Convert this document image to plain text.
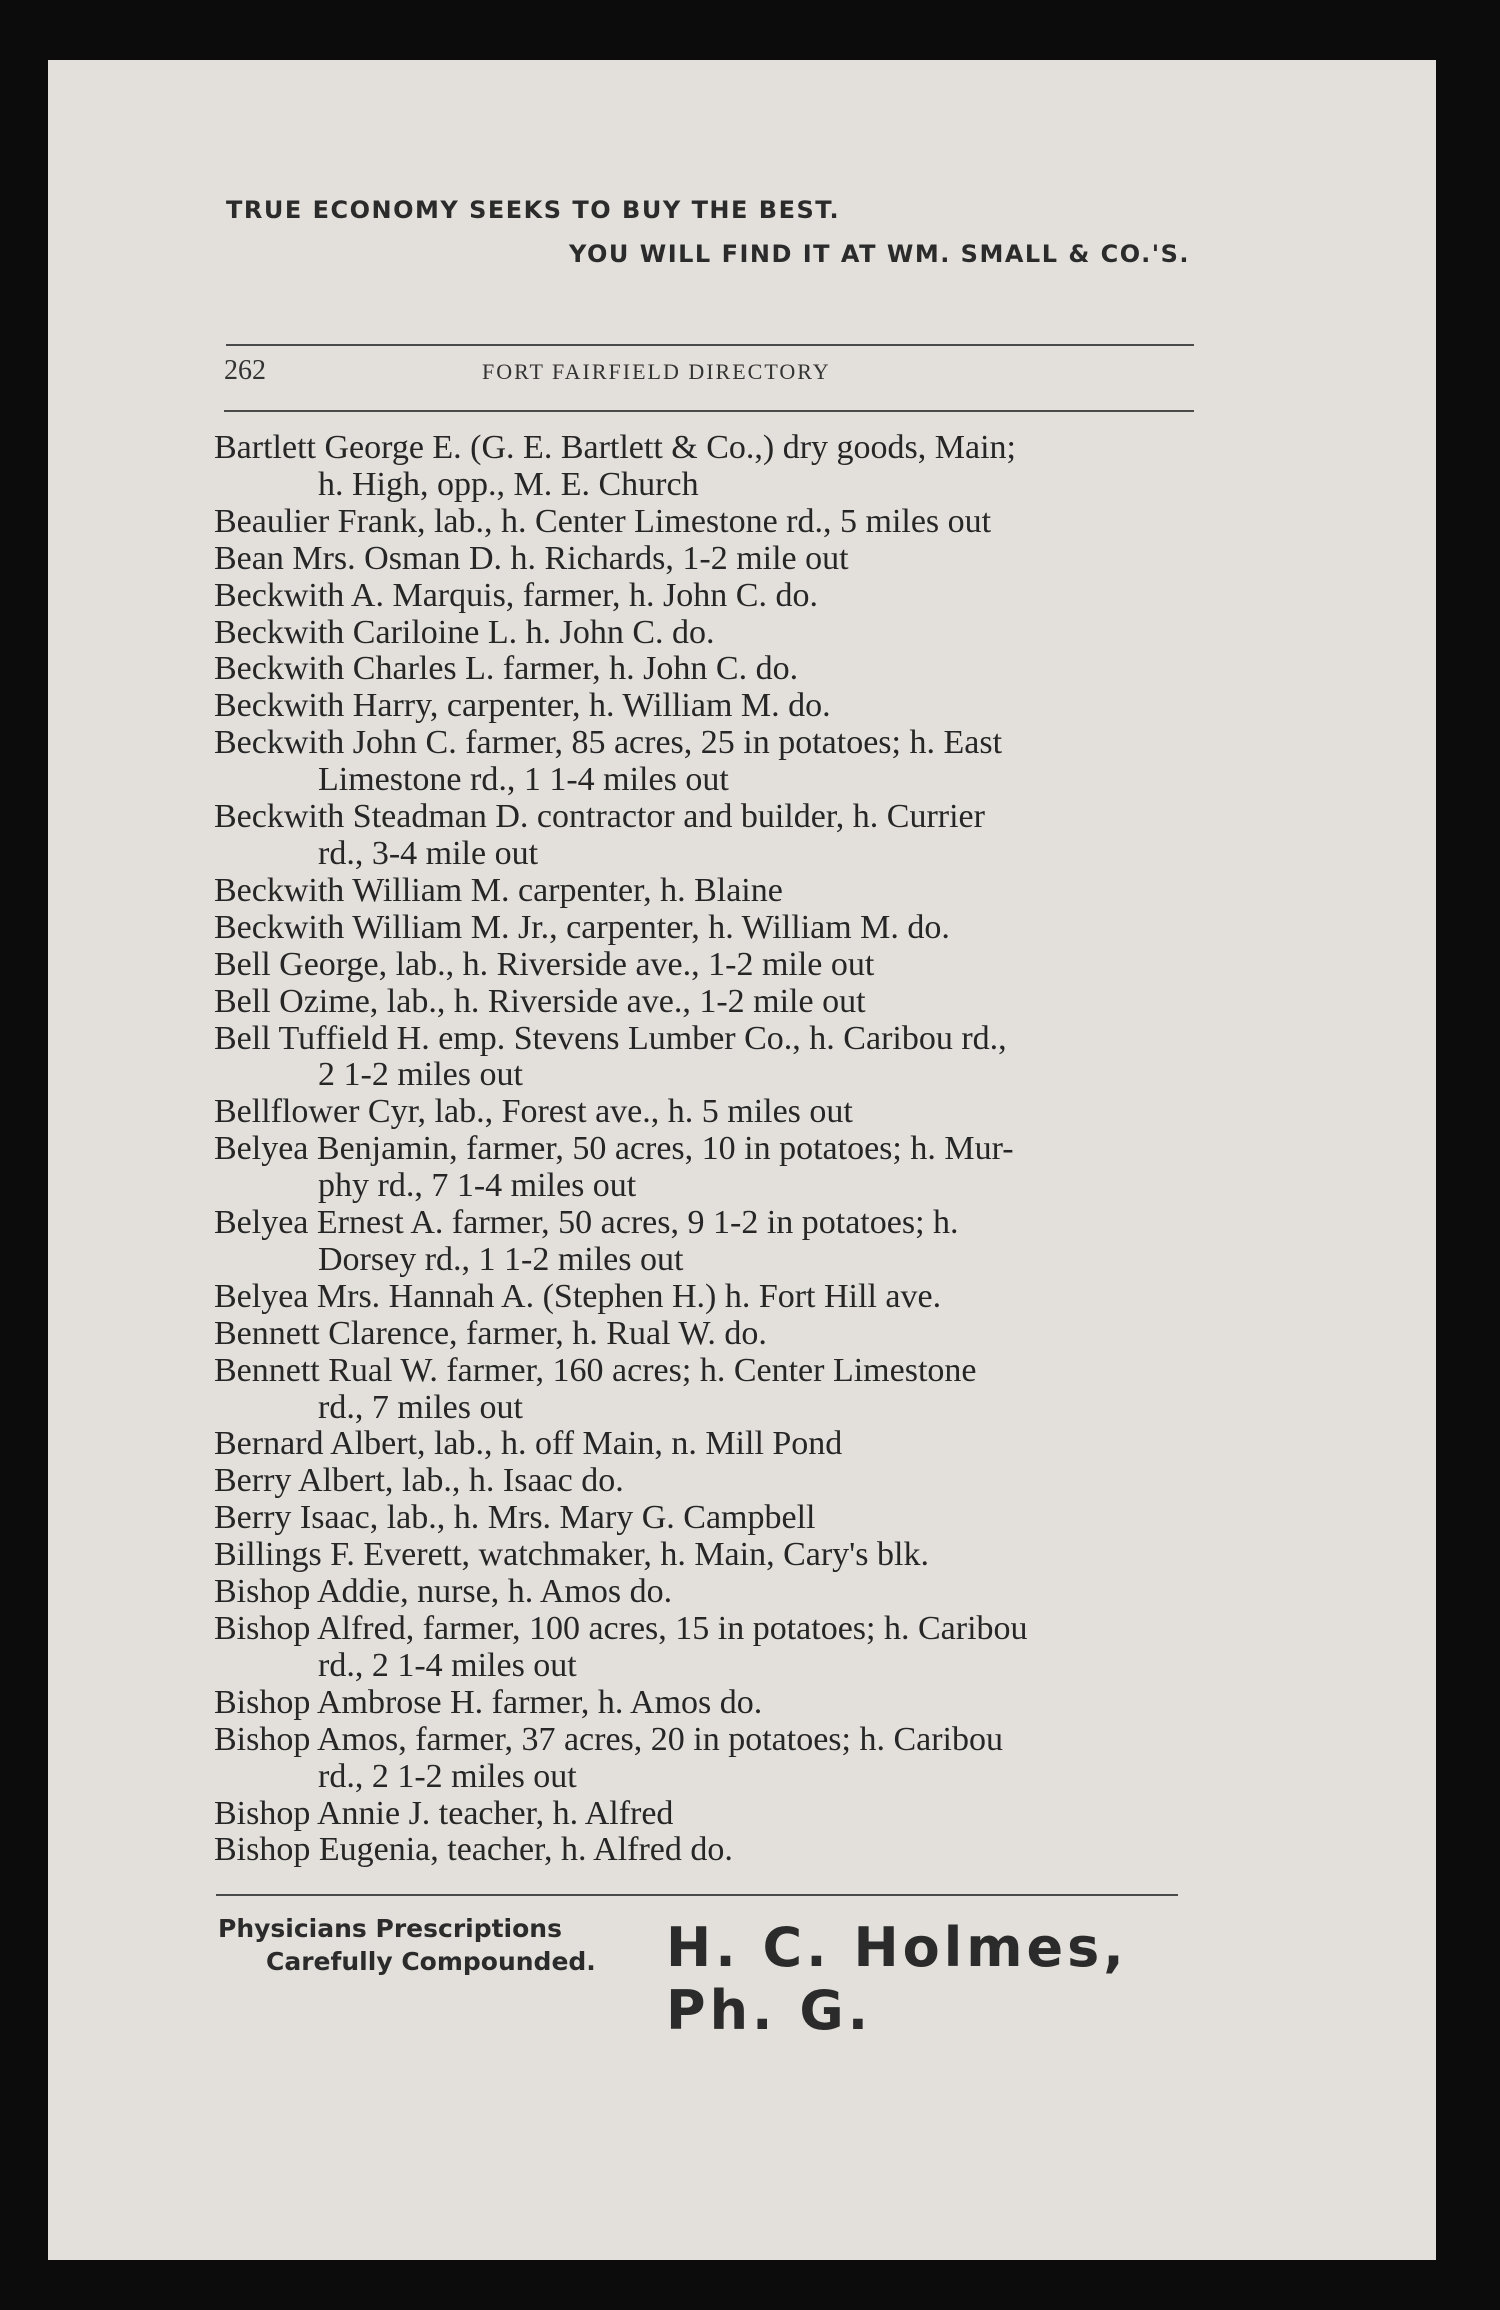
TRUE ECONOMY SEEKS TO BUY THE BEST.
YOU WILL FIND IT AT WM. SMALL & CO.'S.
262	FORT FAIRFIELD DIRECTORY
Bartlett George E. (G. E. Bartlett & Co.,) dry goods, Main;
h. High, opp., M. E. Church
Beaulier Frank, lab., h. Center Limestone rd., 5 miles out
Bean Mrs. Osman D. h. Richards, 1-2 mile out
Beckwith A. Marquis, farmer, h. John C. do.
Beckwith Cariloine L. h. John C. do.
Beckwith Charles L. farmer, h. John C. do.
Beckwith Harry, carpenter, h. William M. do.
Beckwith John C. farmer, 85 acres, 25 in potatoes; h. East
Limestone rd., 1 1-4 miles out
Beckwith Steadman D. contractor and builder, h. Currier
rd., 3-4 mile out
Beckwith William M. carpenter, h. Blaine
Beckwith William M. Jr., carpenter, h. William M. do.
Bell George, lab., h. Riverside ave., 1-2 mile out
Bell Ozime, lab., h. Riverside ave., 1-2 mile out
Bell Tuffield H. emp. Stevens Lumber Co., h. Caribou rd.,
2 1-2 miles out
Bellflower Cyr, lab., Forest ave., h. 5 miles out
Belyea Benjamin, farmer, 50 acres, 10 in potatoes; h. Mur-
phy rd., 7 1-4 miles out
Belyea Ernest A. farmer, 50 acres, 9 1-2 in potatoes; h.
Dorsey rd., 1 1-2 miles out
Belyea Mrs. Hannah A. (Stephen H.) h. Fort Hill ave.
Bennett Clarence, farmer, h. Rual W. do.
Bennett Rual W. farmer, 160 acres; h. Center Limestone
rd., 7 miles out
Bernard Albert, lab., h. off Main, n. Mill Pond
Berry Albert, lab., h. Isaac do.
Berry Isaac, lab., h. Mrs. Mary G. Campbell
Billings F. Everett, watchmaker, h. Main, Cary's blk.
Bishop Addie, nurse, h. Amos do.
Bishop Alfred, farmer, 100 acres, 15 in potatoes; h. Caribou
rd., 2 1-4 miles out
Bishop Ambrose H. farmer, h. Amos do.
Bishop Amos, farmer, 37 acres, 20 in potatoes; h. Caribou
rd., 2 1-2 miles out
Bishop Annie J. teacher, h. Alfred
Bishop Eugenia, teacher, h. Alfred do.
Physicians Prescriptions
Carefully Compounded. H. C. Holmes, Ph. G.
